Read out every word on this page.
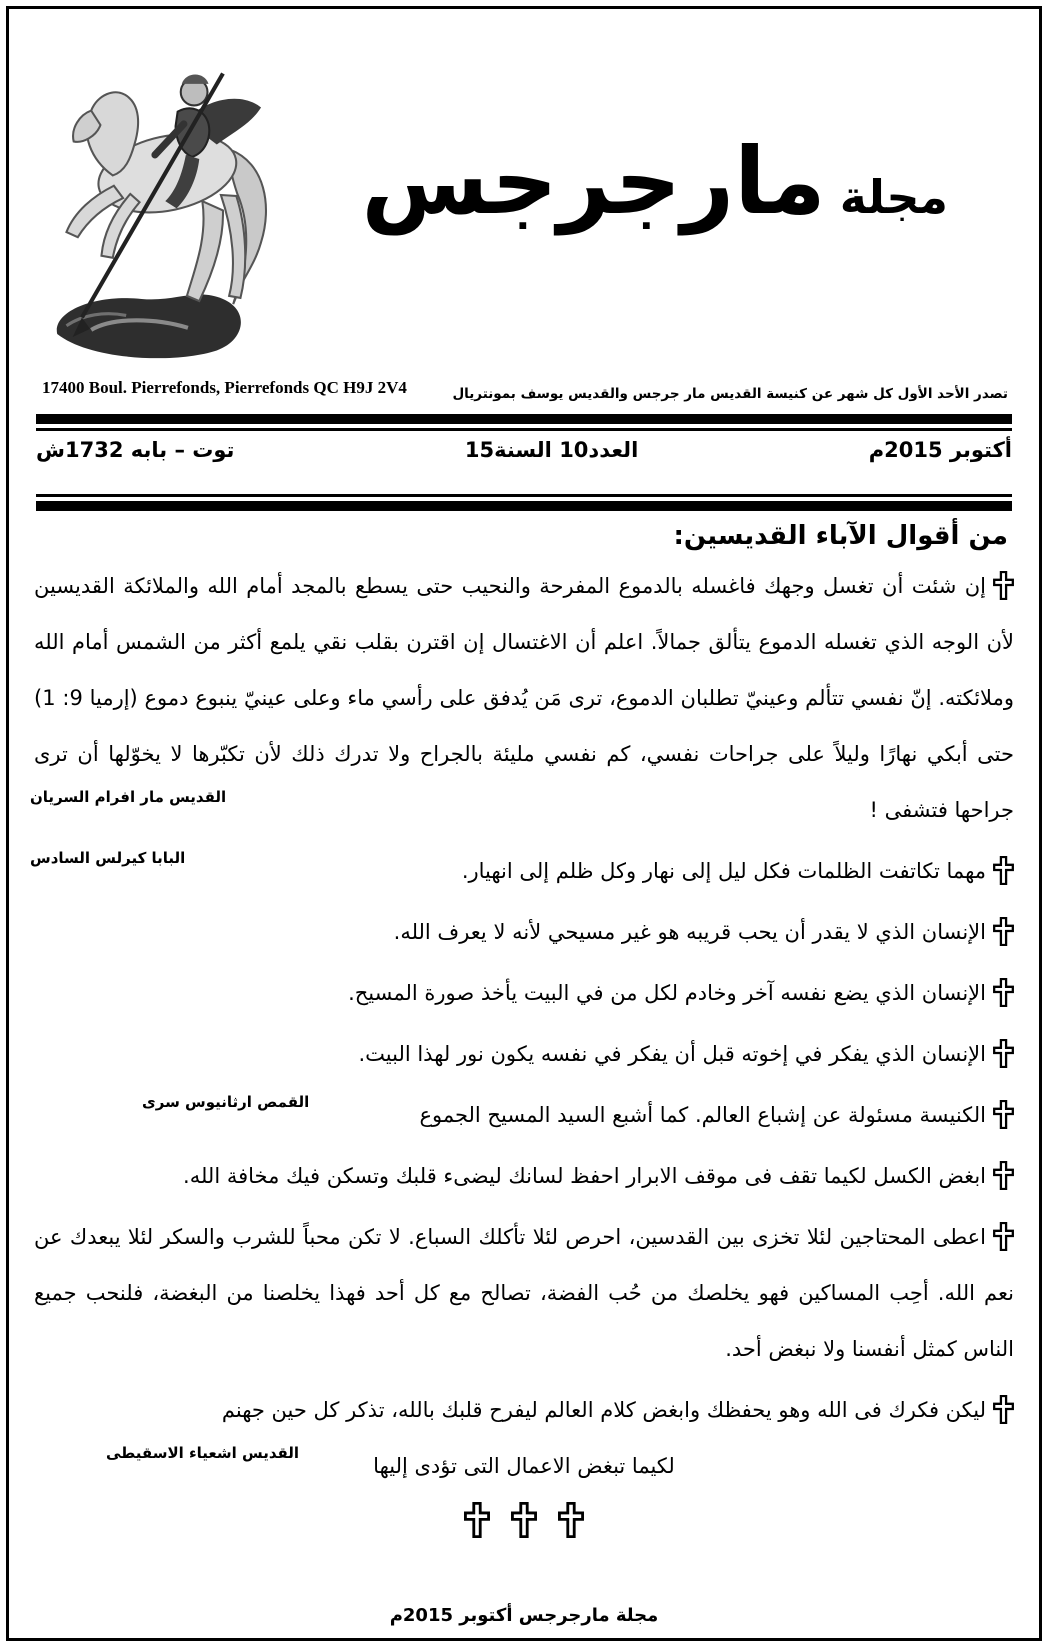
مجلة
مارجرجس
17400 Boul. Pierrefonds, Pierrefonds QC H9J 2V4	تصدر الأحد الأول كل شهر عن كنيسة القديس مار جرجس والقديس يوسف بمونتريال
أكتوبر 2015م
العدد10 السنة15
توت – بابه 1732ش
من أقوال الآباء القديسين:
إن شئت أن تغسل وجهك فاغسله بالدموع المفرحة والنحيب حتى يسطع بالمجد أمام الله والملائكة القديسين لأن الوجه الذي تغسله الدموع يتألق جمالاً. اعلم أن الاغتسال إن اقترن بقلب نقي يلمع أكثر من الشمس أمام الله وملائكته. إنّ نفسي تتألم وعينيّ تطلبان الدموع، ترى مَن يُدفق على رأسي ماء وعلى عينيّ ينبوع دموع (إرميا 9: 1) حتى أبكي نهارًا وليلاً على جراحات نفسي، كم نفسي مليئة بالجراح ولا تدرك ذلك لأن تكبّرها لا يخوّلها أن ترى جراحها فتشفى !
القديس مار افرام السريان
مهما تكاتفت الظلمات فكل ليل إلى نهار وكل ظلم إلى انهيار.
البابا كيرلس السادس
الإنسان الذي لا يقدر أن يحب قريبه هو غير مسيحي لأنه لا يعرف الله.
الإنسان الذي يضع نفسه آخر وخادم لكل من في البيت يأخذ صورة المسيح.
الإنسان الذي يفكر في إخوته قبل أن يفكر في نفسه يكون نور لهذا البيت.
الكنيسة مسئولة عن إشباع العالم. كما أشبع السيد المسيح الجموع
القمص ارثانيوس سرى
ابغض الكسل لكيما تقف فى موقف الابرار احفظ لسانك ليضىء قلبك وتسكن فيك مخافة الله.
اعطى المحتاجين لئلا تخزى بين القدسين، احرص لئلا تأكلك السباع. لا تكن محباً للشرب والسكر لئلا يبعدك عن نعم الله. أحِب المساكين فهو يخلصك من حُب الفضة، تصالح مع كل أحد فهذا يخلصنا من البغضة، فلنحب جميع الناس كمثل أنفسنا ولا نبغض أحد.
ليكن فكرك فى الله وهو يحفظك وابغض كلام العالم ليفرح قلبك بالله، تذكر كل حين جهنم
لكيما تبغض الاعمال التى تؤدى إليها
القديس اشعياء الاسقيطى

مجلة مارجرجس أكتوبر 2015م
